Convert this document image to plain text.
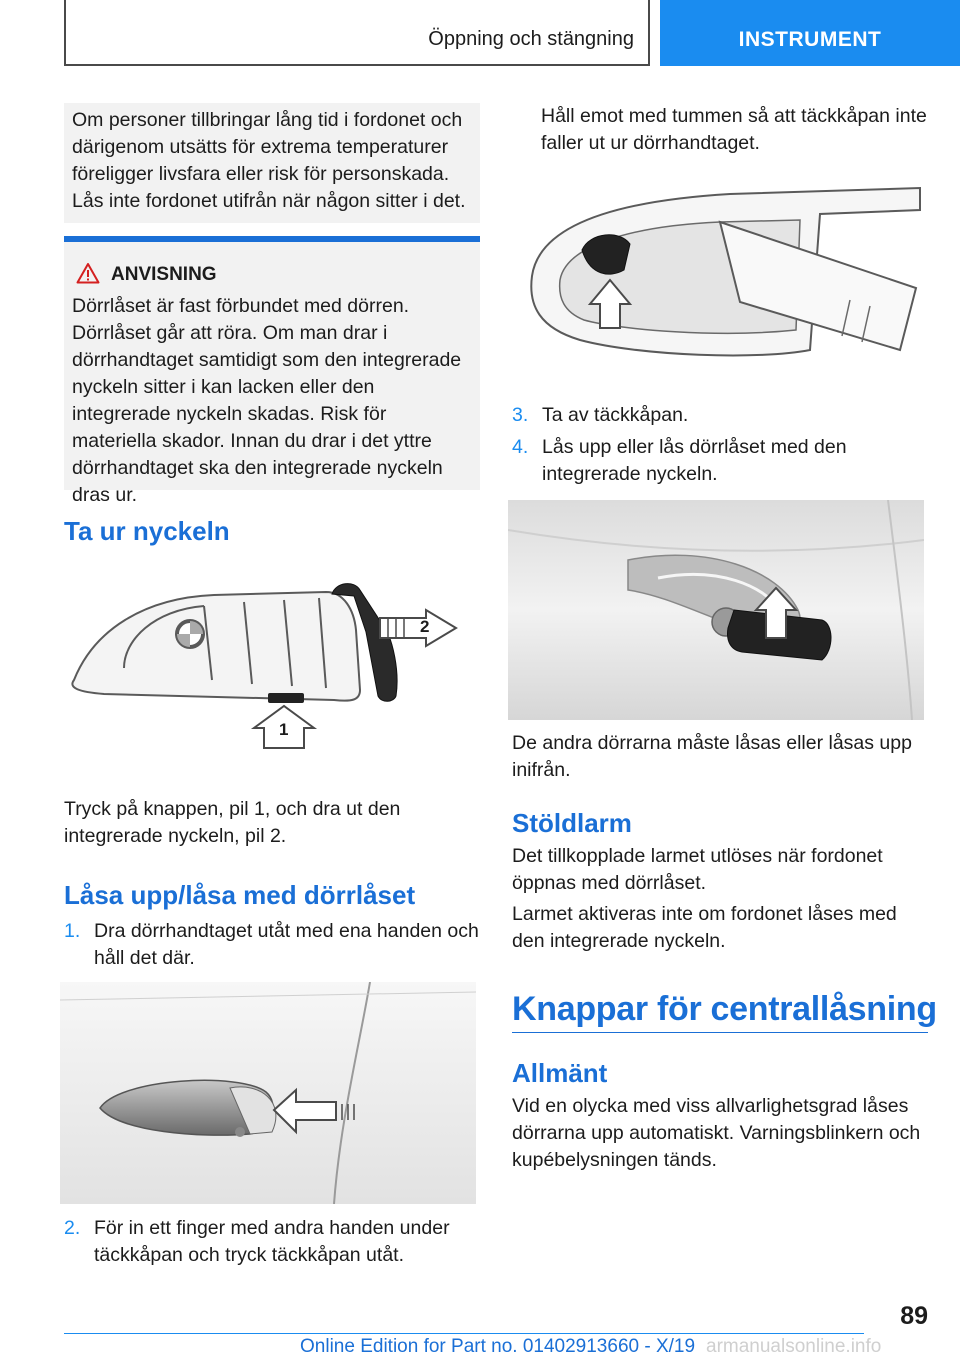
Öppning och stängning	INSTRUMENT
Om personer tillbringar lång tid i fordonet och därigenom utsätts för extrema temperaturer föreligger livsfara eller risk för personskada. Lås inte fordonet utifrån när någon sitter i det.
ANVISNING
Dörrlåset är fast förbundet med dörren. Dörrlåset går att röra. Om man drar i dörrhandtaget samtidigt som den integrerade nyckeln sitter i kan lacken eller den integrerade nyckeln skadas. Risk för materiella skador. Innan du drar i det yttre dörrhandtaget ska den integrerade nyckeln dras ur.
Ta ur nyckeln
2
1
Tryck på knappen, pil 1, och dra ut den integrerade nyckeln, pil 2.
Låsa upp/låsa med dörrlåset
1. Dra dörrhandtaget utåt med ena handen och håll det där.
2. För in ett finger med andra handen under täckkåpan och tryck täckkåpan utåt.
Håll emot med tummen så att täckkåpan inte faller ut ur dörrhandtaget.
3. Ta av täckkåpan.
4. Lås upp eller lås dörrlåset med den integrerade nyckeln.
De andra dörrarna måste låsas eller låsas upp inifrån.
Stöldlarm
Det tillkopplade larmet utlöses när fordonet öppnas med dörrlåset.
Larmet aktiveras inte om fordonet låses med den integrerade nyckeln.
Knappar för centrallåsning
Allmänt
Vid en olycka med viss allvarlighetsgrad låses dörrarna upp automatiskt. Varningsblinkern och kupébelysningen tänds.
89
Online Edition for Part no. 01402913660 - X/19 armanualsonline.info
